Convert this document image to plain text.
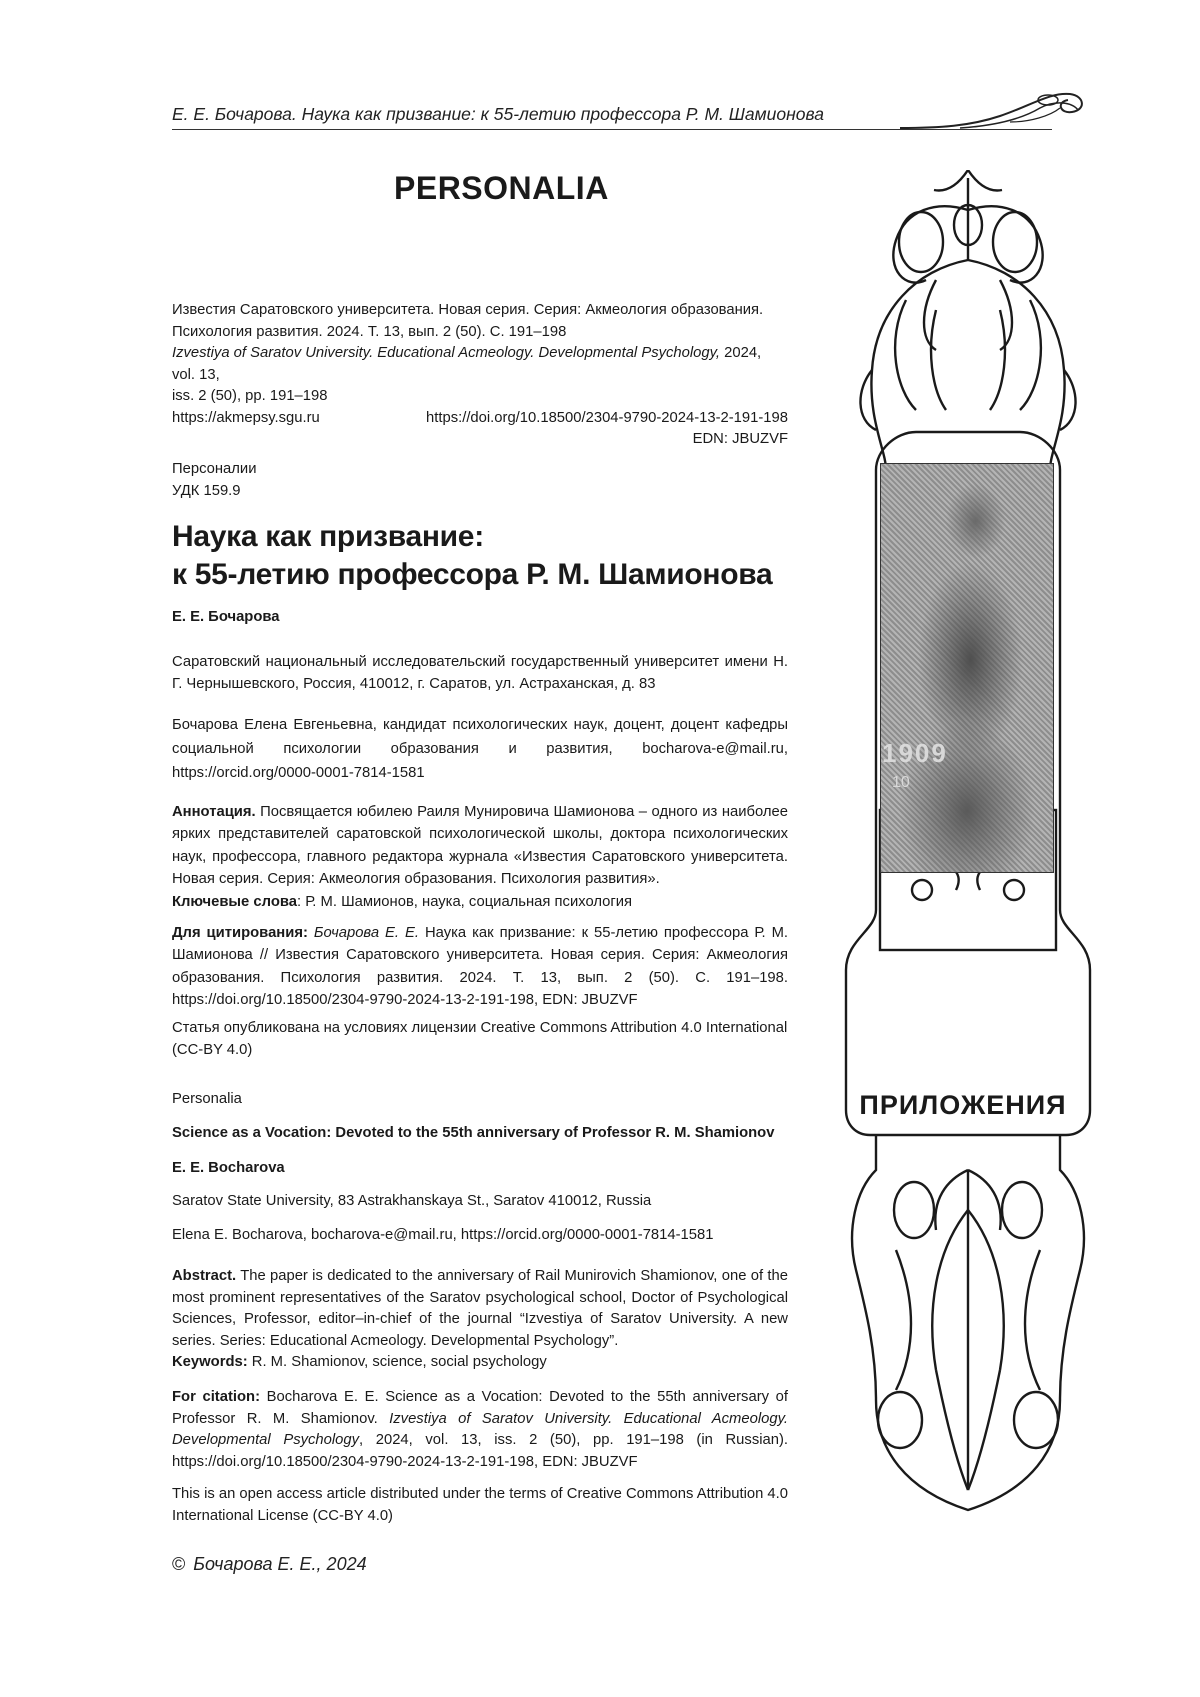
Е. Е. Бочарова. Наука как призвание: к 55-летию профессора Р. М. Шамионова
PERSONALIA
Известия Саратовского университета. Новая серия. Серия: Акмеология образования.
Психология развития. 2024. Т. 13, вып. 2 (50). С. 191–198
Izvestiya of Saratov University. Educational Acmeology. Developmental Psychology, 2024, vol. 13,
iss. 2 (50), pp. 191–198
https://akmepsy.sgu.ru	https://doi.org/10.18500/2304-9790-2024-13-2-191-198
EDN: JBUZVF
Персоналии
УДК 159.9
Наука как призвание:
к 55-летию профессора Р. М. Шамионова
Е. Е. Бочарова
Саратовский национальный исследовательский государственный университет имени Н. Г. Чернышевского, Россия, 410012, г. Саратов, ул. Астраханская, д. 83
Бочарова Елена Евгеньевна, кандидат психологических наук, доцент, доцент кафедры социальной психологии образования и развития, bocharova-e@mail.ru, https://orcid.org/0000-0001-7814-1581
Аннотация. Посвящается юбилею Раиля Мунировича Шамионова – одного из наиболее ярких представителей саратовской психологической школы, доктора психологических наук, профессора, главного редактора журнала «Известия Саратовского университета. Новая серия. Серия: Акмеология образования. Психология развития».
Ключевые слова: Р. М. Шамионов, наука, социальная психология
Для цитирования: Бочарова Е. Е. Наука как призвание: к 55-летию профессора Р. М. Шамионова // Известия Саратовского университета. Новая серия. Серия: Акмеология образования. Психология развития. 2024. Т. 13, вып. 2 (50). С. 191–198. https://doi.org/10.18500/2304-9790-2024-13-2-191-198, EDN: JBUZVF
Статья опубликована на условиях лицензии Creative Commons Attribution 4.0 International (CC-BY 4.0)
Personalia
Science as a Vocation: Devoted to the 55th anniversary of Professor R. M. Shamionov
E. E. Bocharova
Saratov State University, 83 Astrakhanskaya St., Saratov 410012, Russia
Elena E. Bocharova, bocharova-e@mail.ru, https://orcid.org/0000-0001-7814-1581
Abstract. The paper is dedicated to the anniversary of Rail Munirovich Shamionov, one of the most prominent representatives of the Saratov psychological school, Doctor of Psychological Sciences, Professor, editor–in-chief of the journal “Izvestiya of Saratov University. A new series. Series: Educational Acmeology. Developmental Psychology”.
Keywords: R. M. Shamionov, science, social psychology
For citation: Bocharova E. E. Science as a Vocation: Devoted to the 55th anniversary of Professor R. M. Shamionov. Izvestiya of Saratov University. Educational Acmeology. Developmental Psychology, 2024, vol. 13, iss. 2 (50), pp. 191–198 (in Russian). https://doi.org/10.18500/2304-9790-2024-13-2-191-198, EDN: JBUZVF
This is an open access article distributed under the terms of Creative Commons Attribution 4.0 International License (CC-BY 4.0)
© Бочарова Е. Е., 2024
1909
10
ПРИЛОЖЕНИЯ
